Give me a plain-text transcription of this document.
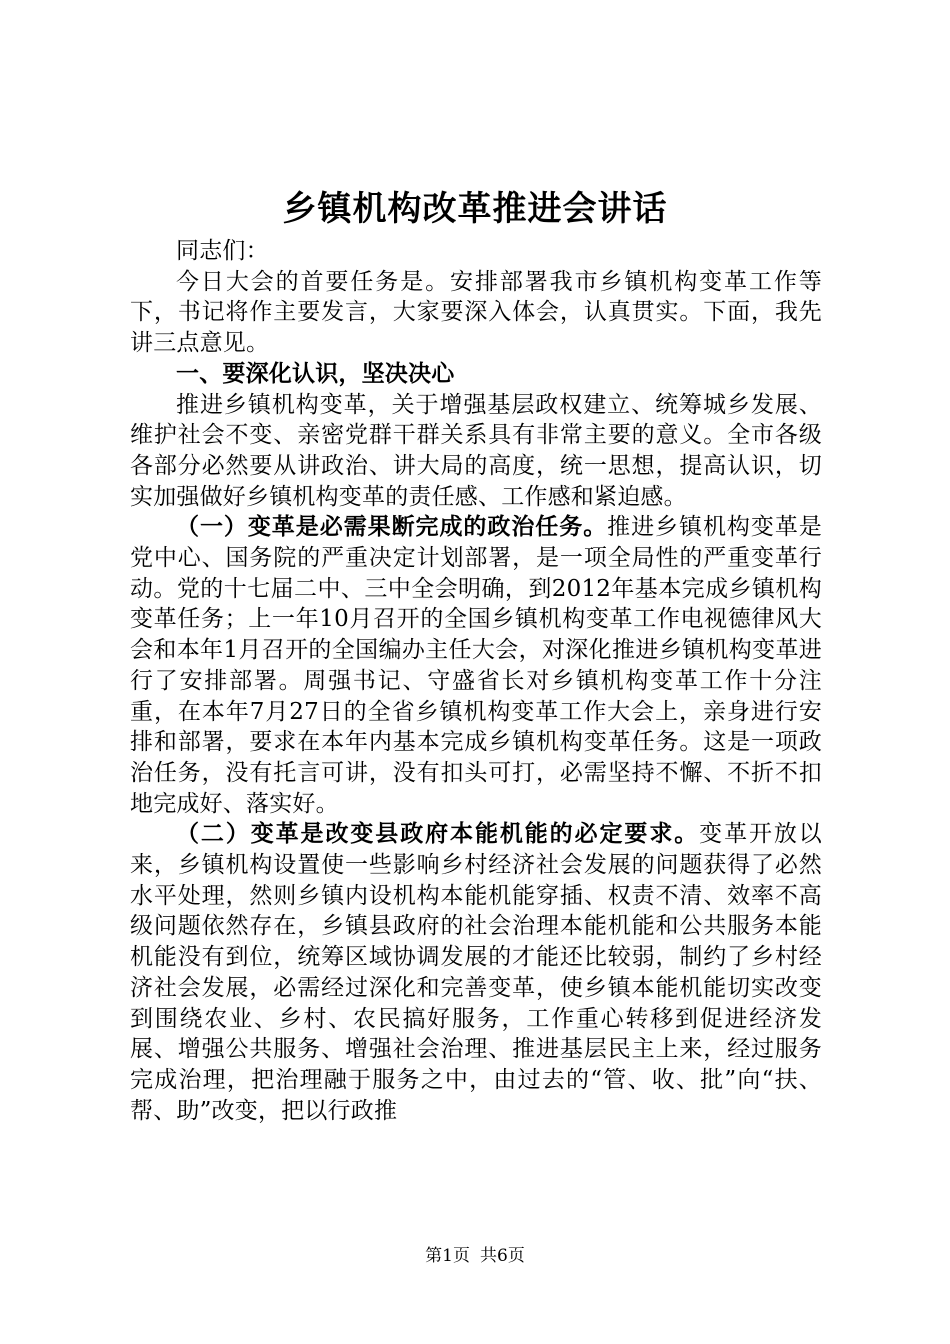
乡镇机构改革推进会讲话

同志们：

今日大会的首要任务是。安排部署我市乡镇机构变革工作等下，书记将作主要发言，大家要深入体会，认真贯实。下面，我先讲三点意见。

一、要深化认识，坚决决心

推进乡镇机构变革，关于增强基层政权建立、统筹城乡发展、维护社会不变、亲密党群干群关系具有非常主要的意义。全市各级各部分必然要从讲政治、讲大局的高度，统一思想，提高认识，切实加强做好乡镇机构变革的责任感、工作感和紧迫感。

（一）变革是必需果断完成的政治任务。推进乡镇机构变革是党中心、国务院的严重决定计划部署，是一项全局性的严重变革行动。党的十七届二中、三中全会明确，到2012年基本完成乡镇机构变革任务；上一年10月召开的全国乡镇机构变革工作电视德律风大会和本年1月召开的全国编办主任大会，对深化推进乡镇机构变革进行了安排部署。周强书记、守盛省长对乡镇机构变革工作十分注重，在本年7月27日的全省乡镇机构变革工作大会上，亲身进行安排和部署，要求在本年内基本完成乡镇机构变革任务。这是一项政治任务，没有托言可讲，没有扣头可打，必需坚持不懈、不折不扣地完成好、落实好。

（二）变革是改变县政府本能机能的必定要求。变革开放以来，乡镇机构设置使一些影响乡村经济社会发展的问题获得了必然水平处理，然则乡镇内设机构本能机能穿插、权责不清、效率不高级问题依然存在，乡镇县政府的社会治理本能机能和公共服务本能机能没有到位，统筹区域协调发展的才能还比较弱，制约了乡村经济社会发展，必需经过深化和完善变革，使乡镇本能机能切实改变到围绕农业、乡村、农民搞好服务，工作重心转移到促进经济发展、增强公共服务、增强社会治理、推进基层民主上来，经过服务完成治理，把治理融于服务之中，由过去的“管、收、批”向“扶、帮、助”改变，把以行政推

第1页 共6页
